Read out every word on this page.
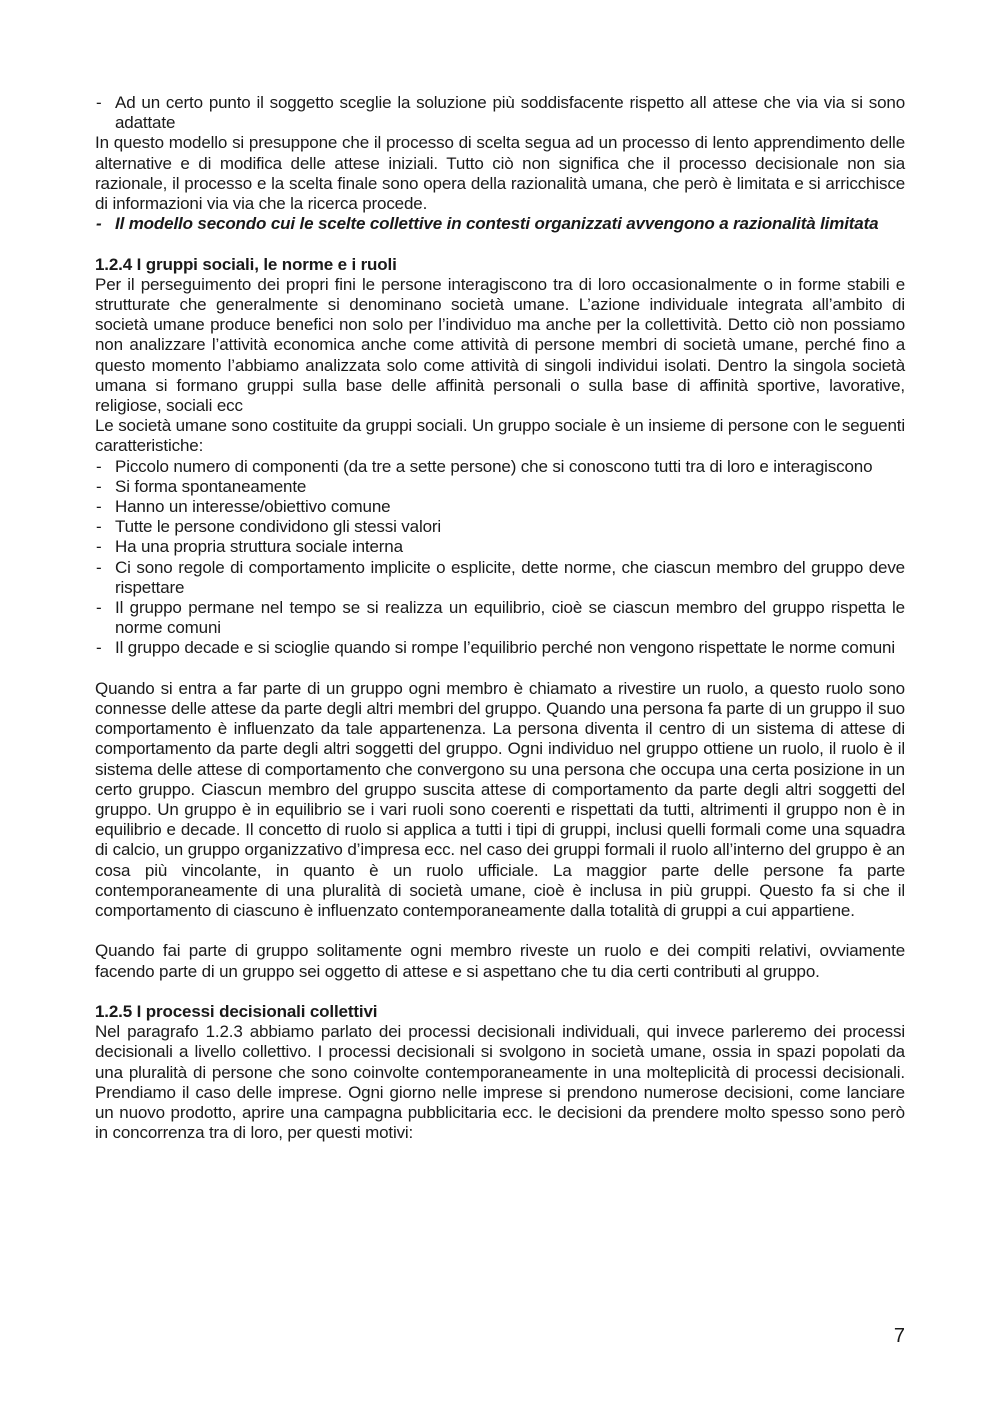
- Ad un certo punto il soggetto sceglie la soluzione più soddisfacente rispetto all attese che via via si sono adattate

In questo modello si presuppone che il processo di scelta segua ad un processo di lento apprendimento delle alternative e di modifica delle attese iniziali. Tutto ciò non significa che il processo decisionale non sia razionale, il processo e la scelta finale sono opera della razionalità umana, che però è limitata e si arricchisce di informazioni via via che la ricerca procede.

- Il modello secondo cui le scelte collettive in contesti organizzati avvengono a razionalità limitata
1.2.4 I gruppi sociali, le norme e i ruoli

Per il perseguimento dei propri fini le persone interagiscono tra di loro occasionalmente o in forme stabili e strutturate che generalmente si denominano società umane. L’azione individuale integrata all’ambito di società umane produce benefici non solo per l’individuo ma anche per la collettività. Detto ciò non possiamo non analizzare l’attività economica anche come attività di persone membri di società umane, perché fino a questo momento l’abbiamo analizzata solo come attività di singoli individui isolati. Dentro la singola società umana si formano gruppi sulla base delle affinità personali o sulla base di affinità sportive, lavorative, religiose, sociali ecc

Le società umane sono costituite da gruppi sociali. Un gruppo sociale è un insieme di persone con le seguenti caratteristiche:

- Piccolo numero di componenti (da tre a sette persone) che si conoscono tutti tra di loro e interagiscono
- Si forma spontaneamente
- Hanno un interesse/obiettivo comune
- Tutte le persone condividono gli stessi valori
- Ha una propria struttura sociale interna
- Ci sono regole di comportamento implicite o esplicite, dette norme, che ciascun membro del gruppo deve rispettare
- Il gruppo permane nel tempo se si realizza un equilibrio, cioè se ciascun membro del gruppo rispetta le norme comuni
- Il gruppo decade e si scioglie quando si rompe l’equilibrio perché non vengono rispettate le norme comuni

Quando si entra a far parte di un gruppo ogni membro è chiamato a rivestire un ruolo, a questo ruolo sono connesse delle attese da parte degli altri membri del gruppo. Quando una persona fa parte di un gruppo il suo comportamento è influenzato da tale appartenenza. La persona diventa il centro di un sistema di attese di comportamento da parte degli altri soggetti del gruppo. Ogni individuo nel gruppo ottiene un ruolo, il ruolo è il sistema delle attese di comportamento che convergono su una persona che occupa una certa posizione in un certo gruppo. Ciascun membro del gruppo suscita attese di comportamento da parte degli altri soggetti del gruppo. Un gruppo è in equilibrio se i vari ruoli sono coerenti e rispettati da tutti, altrimenti il gruppo non è in equilibrio e decade. Il concetto di ruolo si applica a tutti i tipi di gruppi, inclusi quelli formali come una squadra di calcio, un gruppo organizzativo d’impresa ecc. nel caso dei gruppi formali il ruolo all’interno del gruppo è an cosa più vincolante, in quanto è un ruolo ufficiale. La maggior parte delle persone fa parte contemporaneamente di una pluralità di società umane, cioè è inclusa in più gruppi. Questo fa si che il comportamento di ciascuno è influenzato contemporaneamente dalla totalità di gruppi a cui appartiene.

Quando fai parte di gruppo solitamente ogni membro riveste un ruolo e dei compiti relativi, ovviamente facendo parte di un gruppo sei oggetto di attese e si aspettano che tu dia certi contributi al gruppo.

1.2.5 I processi decisionali collettivi

Nel paragrafo 1.2.3 abbiamo parlato dei processi decisionali individuali, qui invece parleremo dei processi decisionali a livello collettivo. I processi decisionali si svolgono in società umane, ossia in spazi popolati da una pluralità di persone che sono coinvolte contemporaneamente in una molteplicità di processi decisionali. Prendiamo il caso delle imprese. Ogni giorno nelle imprese si prendono numerose decisioni, come lanciare un nuovo prodotto, aprire una campagna pubblicitaria ecc. le decisioni da prendere molto spesso sono però in concorrenza tra di loro, per questi motivi:

7
